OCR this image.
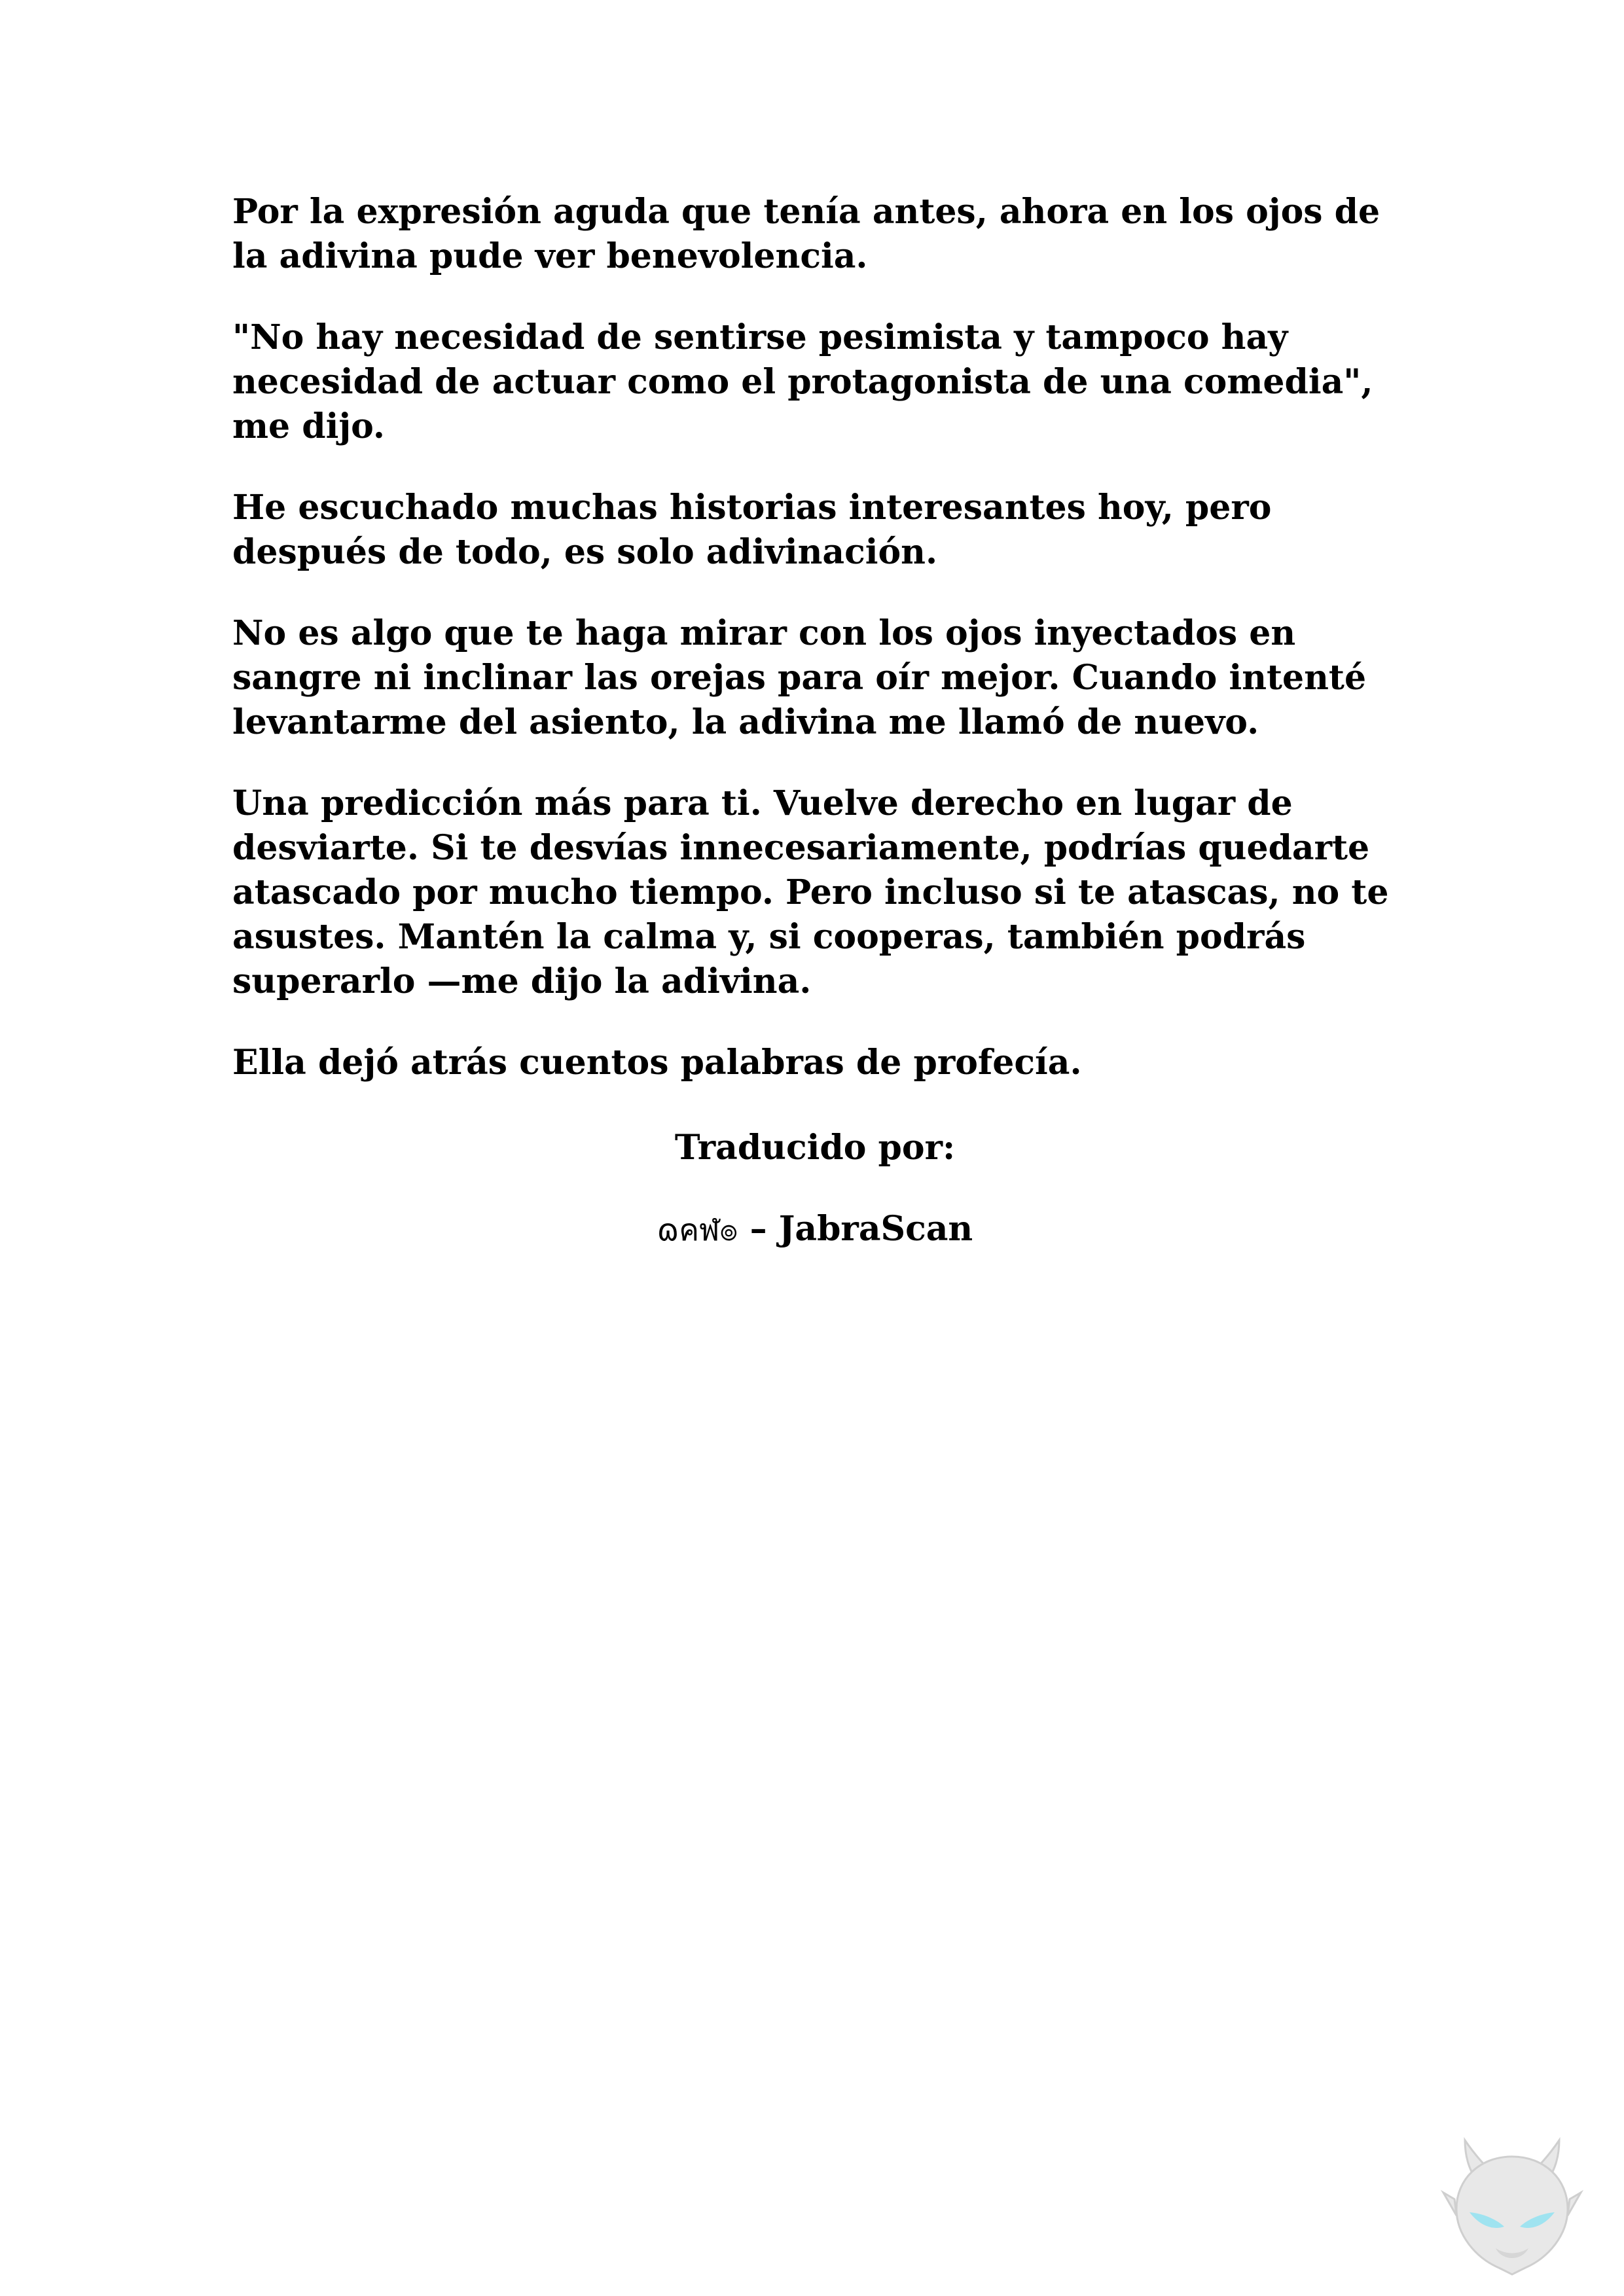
Por la expresión aguda que tenía antes, ahora en los ojos de
la adivina pude ver benevolencia.

"No hay necesidad de sentirse pesimista y tampoco hay
necesidad de actuar como el protagonista de una comedia",
me dijo.

He escuchado muchas historias interesantes hoy, pero
después de todo, es solo adivinación.

No es algo que te haga mirar con los ojos inyectados en
sangre ni inclinar las orejas para oír mejor. Cuando intenté
levantarme del asiento, la adivina me llamó de nuevo.

Una predicción más para ti. Vuelve derecho en lugar de
desviarte. Si te desvías innecesariamente, podrías quedarte
atascado por mucho tiempo. Pero incluso si te atascas, no te
asustes. Mantén la calma y, si cooperas, también podrás
superarlo —me dijo la adivina.

Ella dejó atrás cuentos palabras de profecía.

Traducido por:
ɷคฬ๏ – JabraScan
